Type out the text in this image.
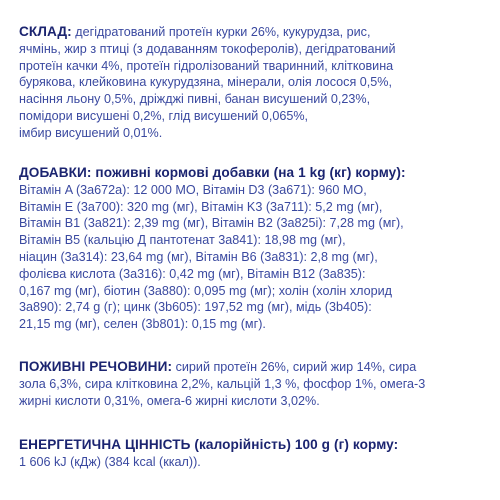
СКЛАД: дегідратований протеїн курки 26%, кукурудза, рис,
ячмінь, жир з птиці (з додаванням токоферолів), дегідратований
протеїн качки 4%, протеїн гідролізований тваринний, клітковина
бурякова, клейковина кукурудзяна, мінерали, олія лосося 0,5%,
насіння льону 0,5%, дріжджі пивні, банан висушений 0,23%,
помідори висушені 0,2%, глід висушений 0,065%,
імбир висушений 0,01%.
ДОБАВКИ: поживні кормові добавки (на 1 kg (кг) корму):
Вітамін A (3a672a): 12 000 MO, Вітамін D3 (3a671): 960 MO,
Вітамін E (3a700): 320 mg (мг), Вітамін K3 (3a711): 5,2 mg (мг),
Вітамін B1 (3a821): 2,39 mg (мг), Вітамін B2 (3a825i): 7,28 mg (мг),
Вітамін B5 (кальцію Д пантотенат 3a841): 18,98 mg (мг),
ніацин (3a314): 23,64 mg (мг), Вітамін B6 (3a831): 2,8 mg (мг),
фолієва кислота (3a316): 0,42 mg (мг), Вітамін B12 (3a835):
0,167 mg (мг), біотин (3a880): 0,095 mg (мг); холін (холін хлорид
3a890): 2,74 g (г); цинк (3b605): 197,52 mg (мг), мідь (3b405):
21,15 mg (мг), селен (3b801): 0,15 mg (мг).
ПОЖИВНІ РЕЧОВИНИ: сирий протеїн 26%, сирий жир 14%, сира
зола 6,3%, сира клітковина 2,2%, кальцій 1,3 %, фосфор 1%, омега-3
жирні кислоти 0,31%, омега-6 жирні кислоти 3,02%.
ЕНЕРГЕТИЧНА ЦІННІСТЬ (калорійність) 100 g (г) корму:
1 606 kJ (кДж) (384 kcal (ккал)).
